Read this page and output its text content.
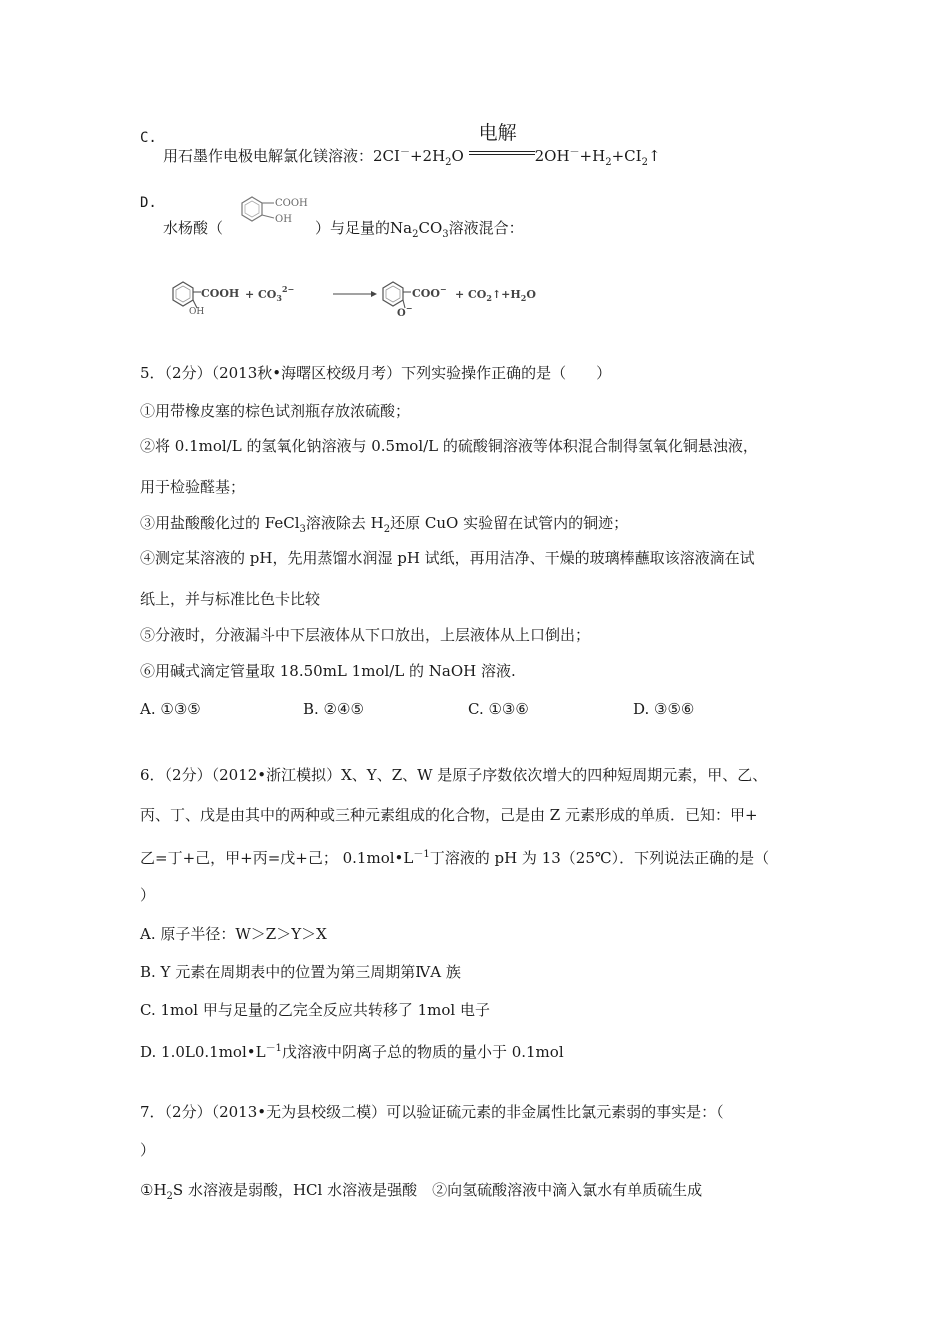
C.
用石墨作电极电解氯化镁溶液：$2CI^-+2H_2O$
电解
$2OH^-+H_2+CI_2↑$
D.
水杨酸（	）与足量的$Na_2CO_3$溶液混合：
COOH
OH
COOH
OH
+ $CO_3^{2-}$	COO−
O−
+ $CO_2↑+H_2O$
5．（2分）（2013秋•海曙区校级月考）下列实验操作正确的是（　　）
①用带橡皮塞的棕色试剂瓶存放浓硫酸；
②将 0.1mol/L 的氢氧化钠溶液与 0.5mol/L 的硫酸铜溶液等体积混合制得氢氧化铜悬浊液，
用于检验醛基；
③用盐酸酸化过的 FeCl$_3$溶液除去 $H_2$还原 CuO 实验留在试管内的铜迹；
④测定某溶液的 pH，先用蒸馏水润湿 pH 试纸，再用洁净、干燥的玻璃棒蘸取该溶液滴在试
纸上，并与标准比色卡比较
⑤分液时，分液漏斗中下层液体从下口放出，上层液体从上口倒出；
⑥用碱式滴定管量取 18.50mL 1mol/L 的 NaOH 溶液.
A. ①③⑤	B. ②④⑤	C. ①③⑥	D. ③⑤⑥
6．（2分）（2012•浙江模拟）X、Y、Z、W 是原子序数依次增大的四种短周期元素，甲、乙、
丙、丁、戊是由其中的两种或三种元素组成的化合物，己是由 Z 元素形成的单质．已知：甲+
乙=丁+己，甲+丙=戊+己； $0.1mol•L^{-1}$丁溶液的 pH 为 13（25℃）．下列说法正确的是（
）
A. 原子半径：W＞Z＞Y＞X
B. Y 元素在周期表中的位置为第三周期第ⅣA 族
C. 1mol 甲与足量的乙完全反应共转移了 1mol 电子
D. $1.0L0.1mol•L^{-1}$戊溶液中阴离子总的物质的量小于 0.1mol
7．（2分）（2013•无为县校级二模）可以验证硫元素的非金属性比氯元素弱的事实是：（
）
$①H_2S$ 水溶液是弱酸，HCl 水溶液是强酸　②向氢硫酸溶液中滴入氯水有单质硫生成
